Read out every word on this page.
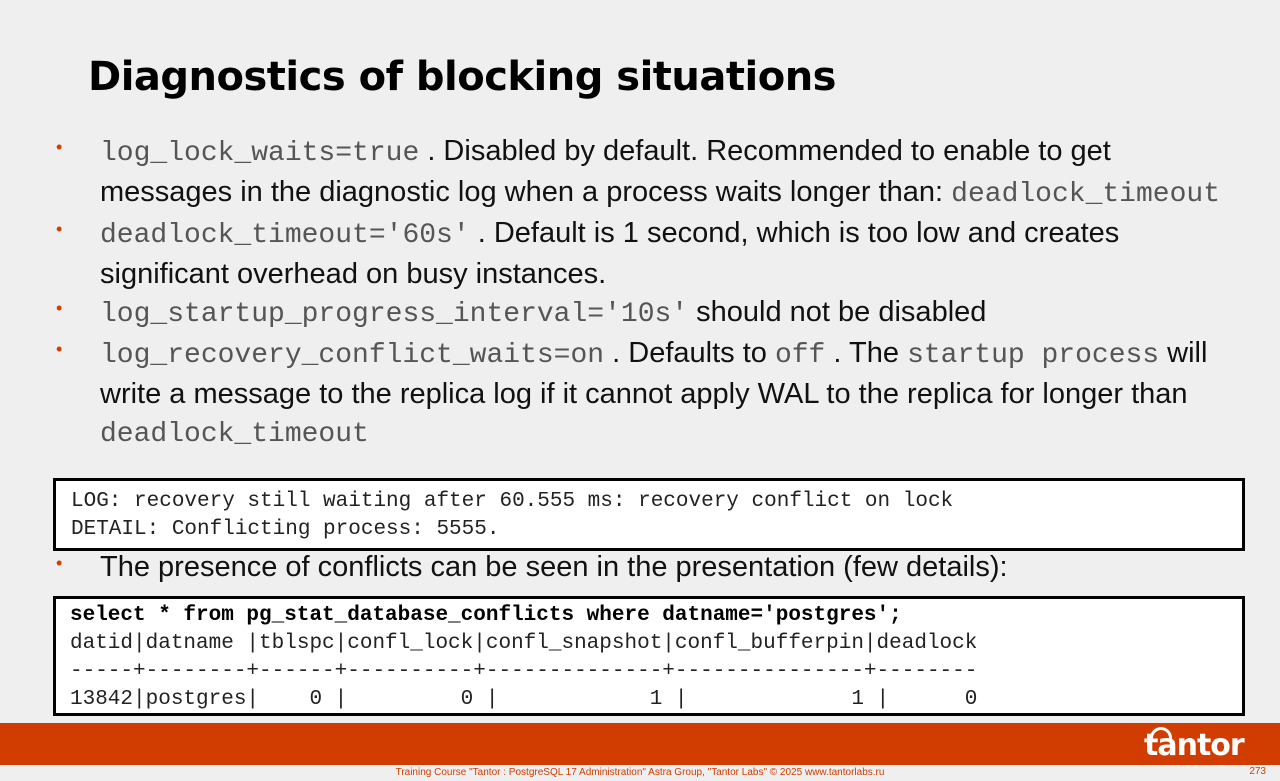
Diagnostics of blocking situations
• log_lock_waits=true . Disabled by default. Recommended to enable to get messages in the diagnostic log when a process waits longer than: deadlock_timeout
• deadlock_timeout='60s' . Default is 1 second, which is too low and creates significant overhead on busy instances.
• log_startup_progress_interval='10s' should not be disabled
• log_recovery_conflict_waits=on . Defaults to off . The startup process will write a message to the replica log if it cannot apply WAL to the replica for longer than deadlock_timeout
LOG: recovery still waiting after 60.555 ms: recovery conflict on lock
DETAIL: Conflicting process: 5555.
• The presence of conflicts can be seen in the presentation (few details):
select * from pg_stat_database_conflicts where datname='postgres';
datid|datname |tblspc|confl_lock|confl_snapshot|confl_bufferpin|deadlock
-----+--------+------+----------+--------------+---------------+--------
13842|postgres|    0 |         0 |            1 |             1 |      0
tantor
Training Course "Tantor : PostgreSQL 17 Administration" Astra Group, "Tantor Labs" © 2025 www.tantorlabs.ru	273
